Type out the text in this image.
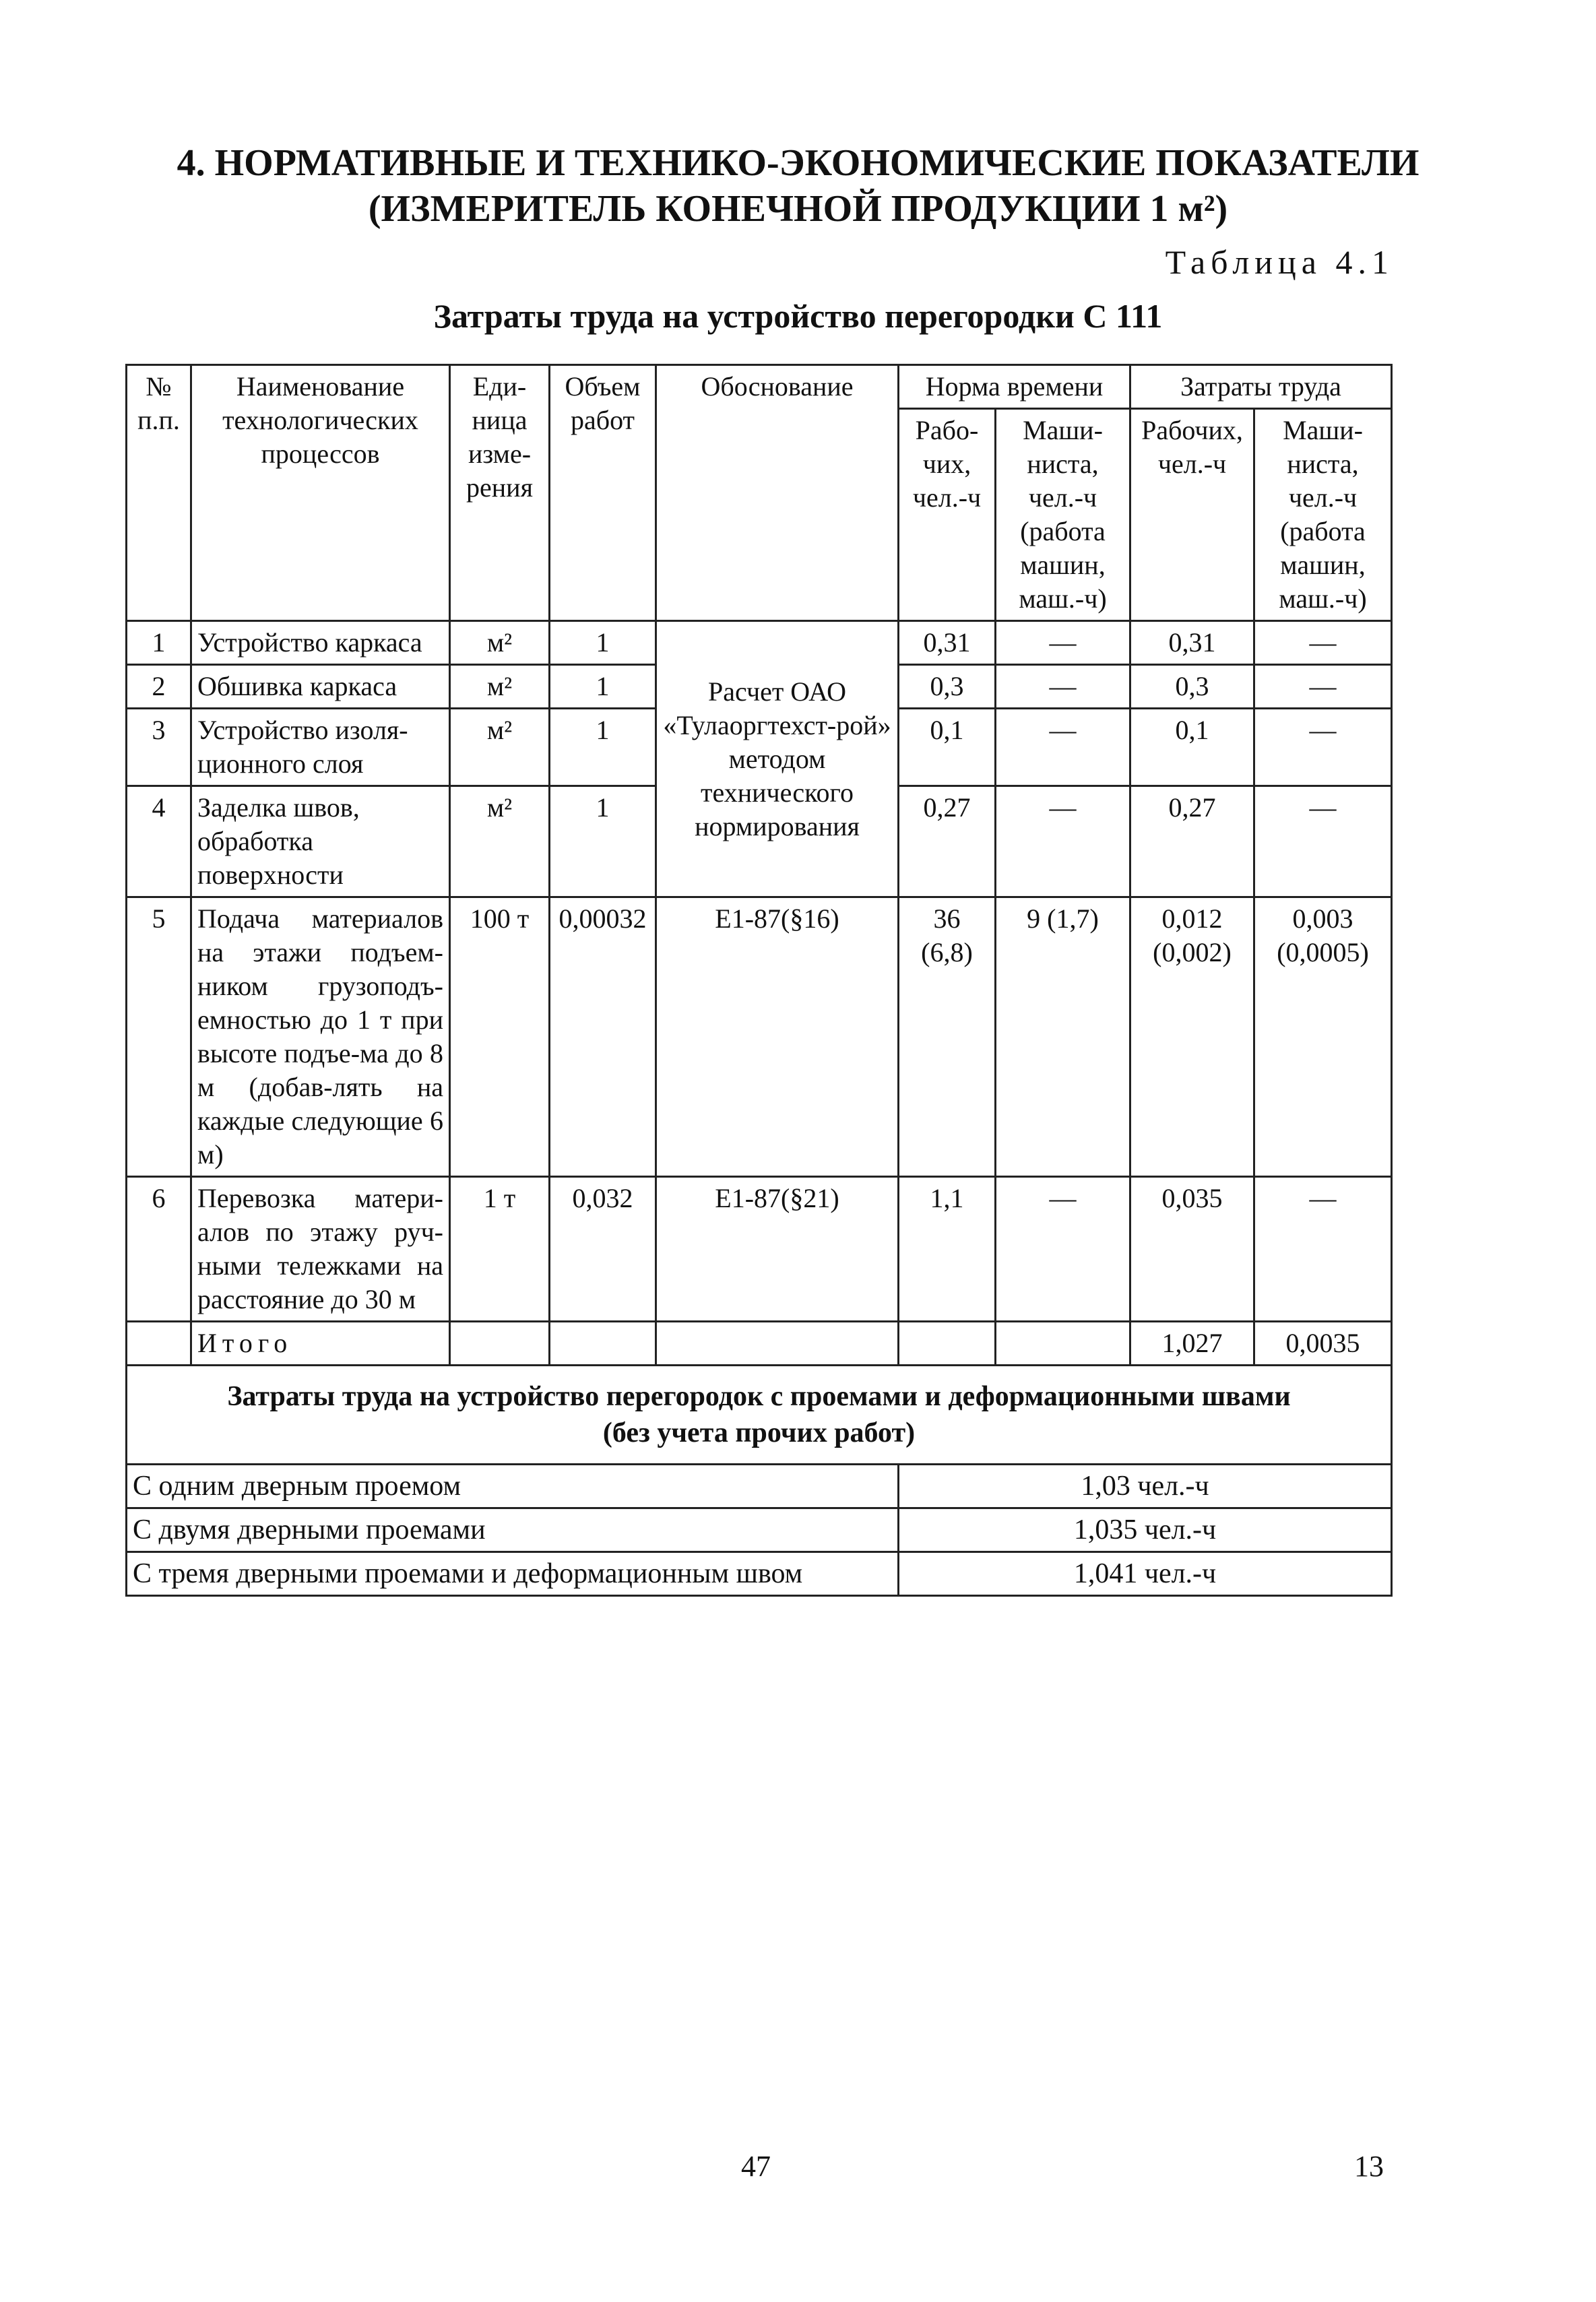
4. НОРМАТИВНЫЕ И ТЕХНИКО-ЭКОНОМИЧЕСКИЕ ПОКАЗАТЕЛИ
(ИЗМЕРИТЕЛЬ КОНЕЧНОЙ ПРОДУКЦИИ 1 м²)
Таблица 4.1
Затраты труда на устройство перегородки С 111
№ п.п.	Наименование технологических процессов	Еди-ница изме-рения	Объем работ	Обоснование	Норма времени		Затраты труда	
					Рабо-чих, чел.-ч	Маши-ниста, чел.-ч (работа машин, маш.-ч)	Рабочих, чел.-ч	Маши-ниста, чел.-ч (работа машин, маш.-ч)
1	Устройство каркаса	м²	1	Расчет ОАО «Тулаоргтехст-рой» методом технического нормирования	0,31	—	0,31	—
2	Обшивка каркаса	м²	1		0,3	—	0,3	—
3	Устройство изоля-ционного слоя	м²	1		0,1	—	0,1	—
4	Заделка швов, обработка поверхности	м²	1		0,27	—	0,27	—
5	Подача материалов на этажи подъем-ником грузоподъ-емностью до 1 т при высоте подъе-ма до 8 м (добав-лять на каждые следующие 6 м)	100 т	0,00032	Е1-87(§16)	36 (6,8)	9 (1,7)	0,012 (0,002)	0,003 (0,0005)
6	Перевозка матери-алов по этажу руч-ными тележками на расстояние до 30 м	1 т	0,032	Е1-87(§21)	1,1	—	0,035	—
	Итого						1,027	0,0035

Затраты труда на устройство перегородок с проемами и деформационными швами
(без учета прочих работ)								

С одним дверным проемом					1,03 чел.-ч			
С двумя дверными проемами					1,035 чел.-ч			
С тремя дверными проемами и деформационным швом					1,041 чел.-ч			
47	13
